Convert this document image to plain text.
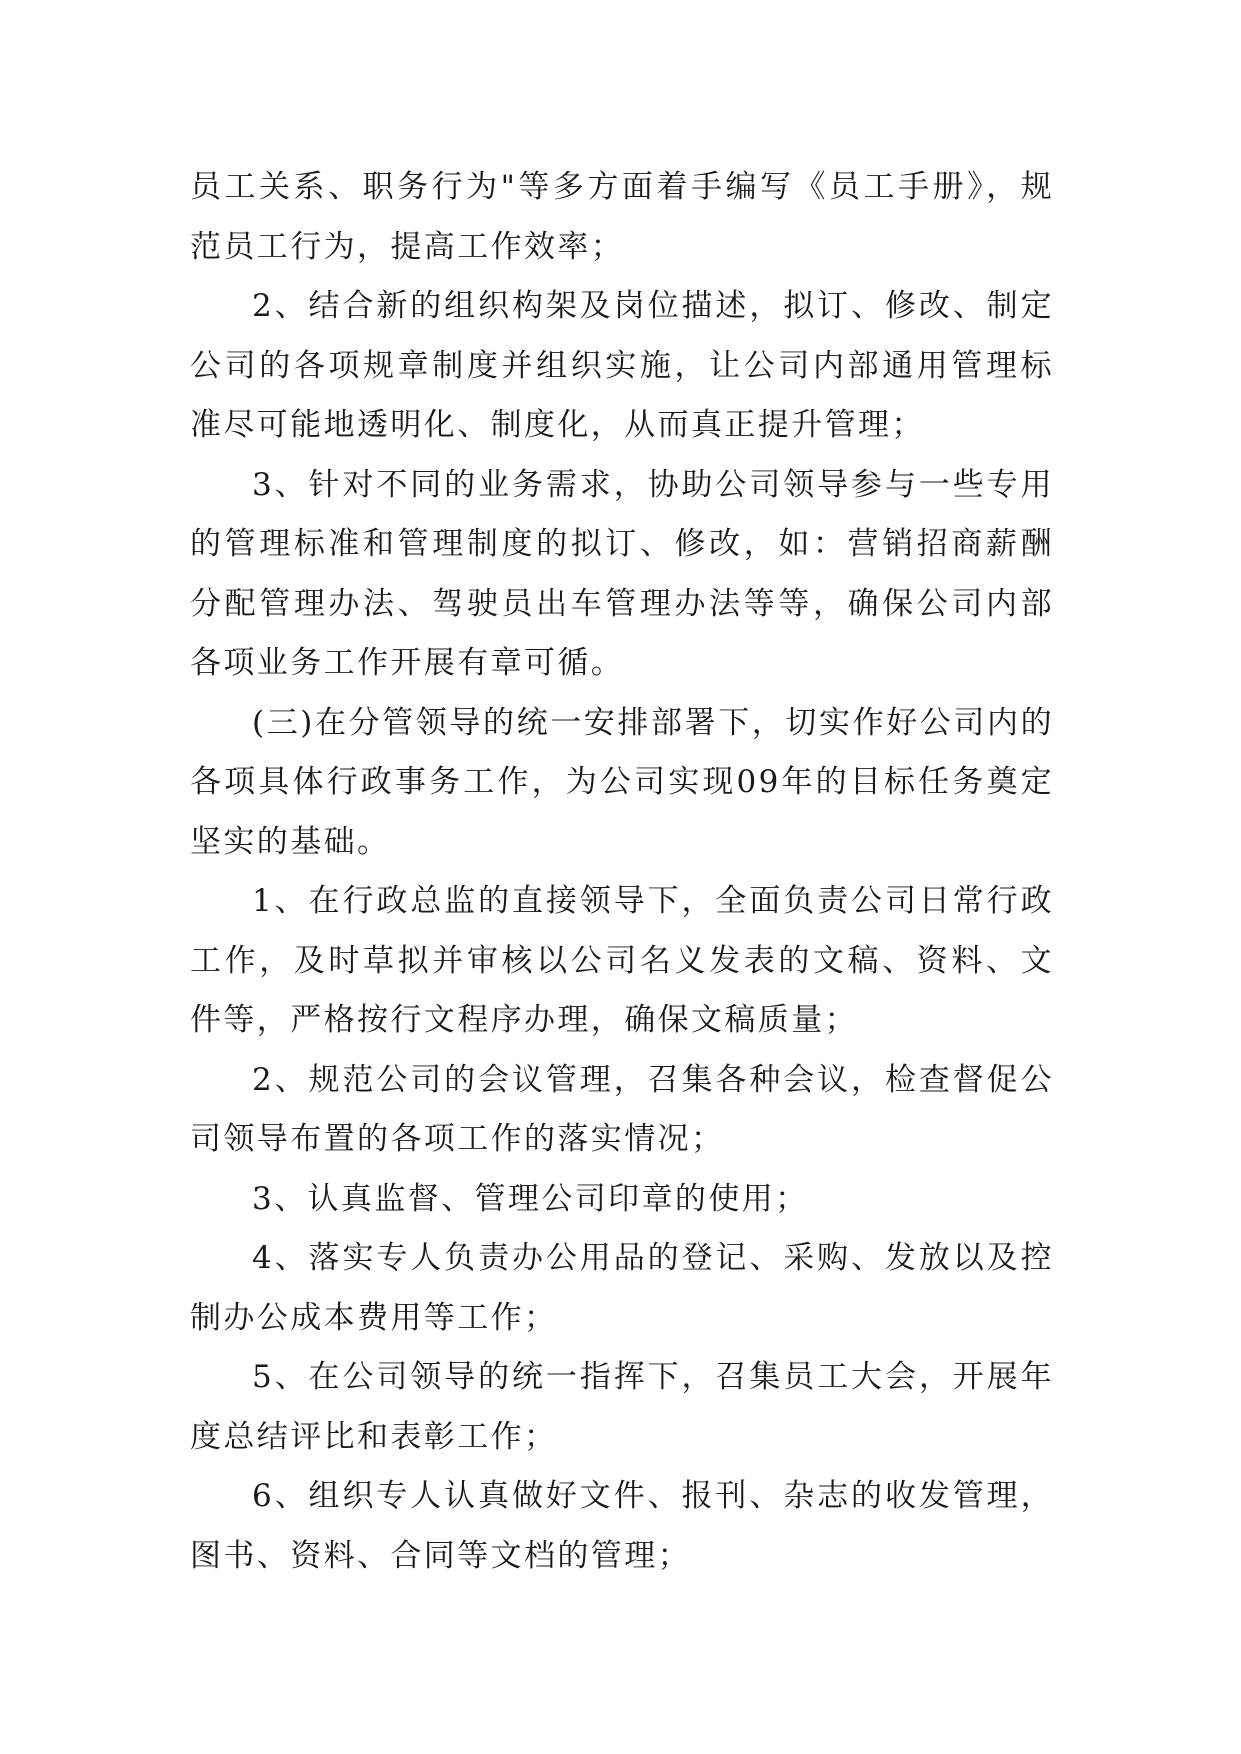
员工关系、职务行为"等多方面着手编写《员工手册》，规范员工行为，提高工作效率；

2、结合新的组织构架及岗位描述，拟订、修改、制定公司的各项规章制度并组织实施，让公司内部通用管理标准尽可能地透明化、制度化，从而真正提升管理；

3、针对不同的业务需求，协助公司领导参与一些专用的管理标准和管理制度的拟订、修改，如：营销招商薪酬分配管理办法、驾驶员出车管理办法等等，确保公司内部各项业务工作开展有章可循。

(三)在分管领导的统一安排部署下，切实作好公司内的各项具体行政事务工作，为公司实现09年的目标任务奠定坚实的基础。

1、在行政总监的直接领导下，全面负责公司日常行政工作，及时草拟并审核以公司名义发表的文稿、资料、文件等，严格按行文程序办理，确保文稿质量；

2、规范公司的会议管理，召集各种会议，检查督促公司领导布置的各项工作的落实情况；

3、认真监督、管理公司印章的使用；

4、落实专人负责办公用品的登记、采购、发放以及控制办公成本费用等工作；

5、在公司领导的统一指挥下，召集员工大会，开展年度总结评比和表彰工作；

6、组织专人认真做好文件、报刊、杂志的收发管理，图书、资料、合同等文档的管理；
